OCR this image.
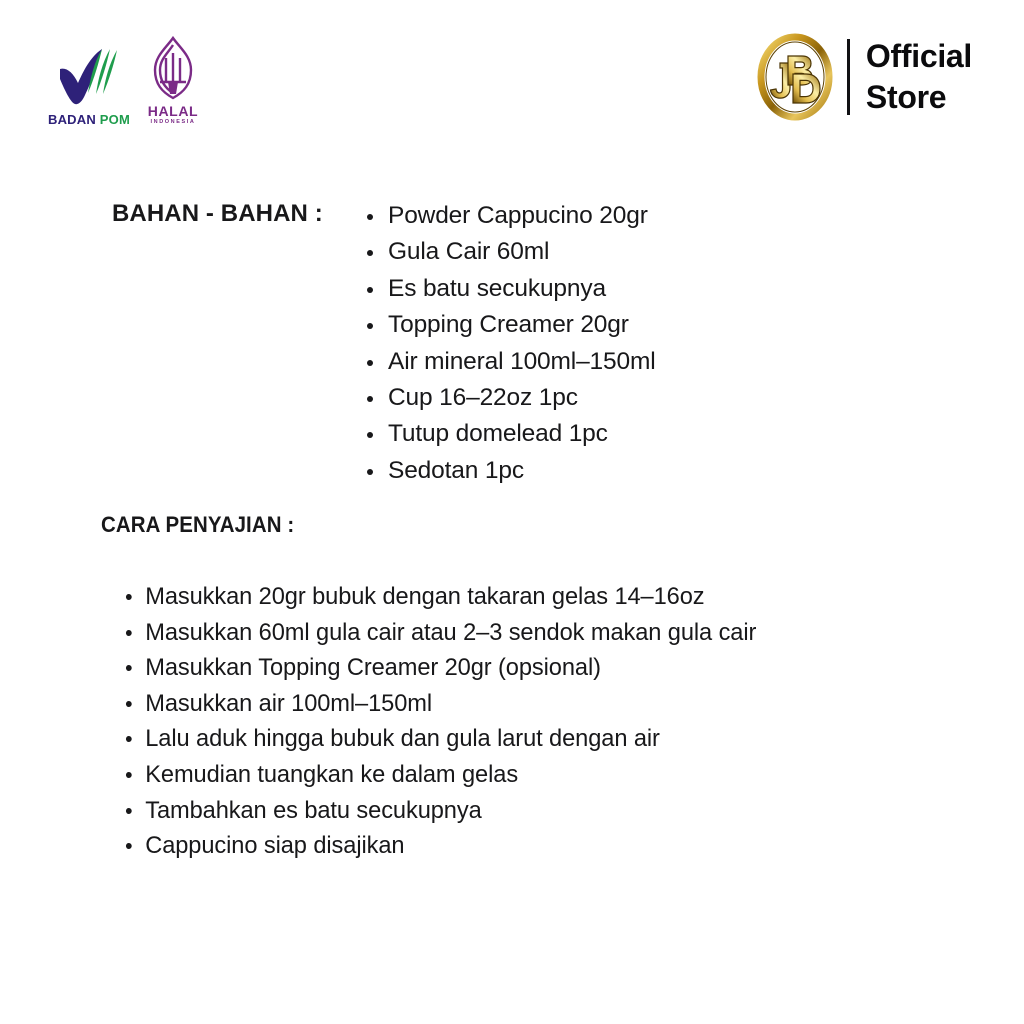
BADAN POM HALAL
INDONESIA
Official
Store
BAHAN - BAHAN :	Powder Cappucino 20gr
Gula Cair 60ml
Es batu secukupnya
Topping Creamer 20gr
Air mineral 100ml–150ml
Cup 16–22oz 1pc
Tutup domelead 1pc
Sedotan 1pc
CARA PENYAJIAN :
Masukkan 20gr bubuk dengan takaran gelas 14–16oz
Masukkan 60ml gula cair atau 2–3 sendok makan gula cair
Masukkan Topping Creamer 20gr (opsional)
Masukkan air 100ml–150ml
Lalu aduk hingga bubuk dan gula larut dengan air
Kemudian tuangkan ke dalam gelas
Tambahkan es batu secukupnya
Cappucino siap disajikan
